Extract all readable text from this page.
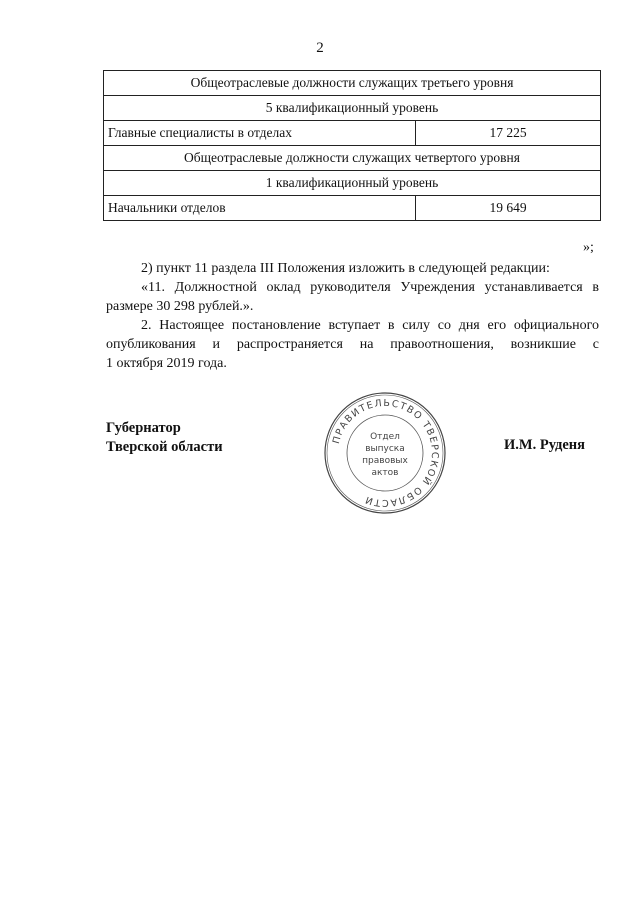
2
Общеотраслевые должности служащих третьего уровня	
5 квалификационный уровень	
Главные специалисты в отделах	17 225
Общеотраслевые должности служащих четвертого уровня	
1 квалификационный уровень	
Начальники отделов	19 649
»;

2) пункт 11 раздела III Положения изложить в следующей редакции:

«11. Должностной оклад руководителя Учреждения устанавливается в

размере 30 298 рублей.».

2. Настоящее постановление вступает в силу со дня его официального

опубликования и распространяется на правоотношения, возникшие с

1 октября 2019 года.

Губернатор
Тверской области	И.М. Руденя
ПРАВИТЕЛЬСТВО ТВЕРСКОЙ ОБЛАСТИ
Отдел
выпуска
правовых
актов
